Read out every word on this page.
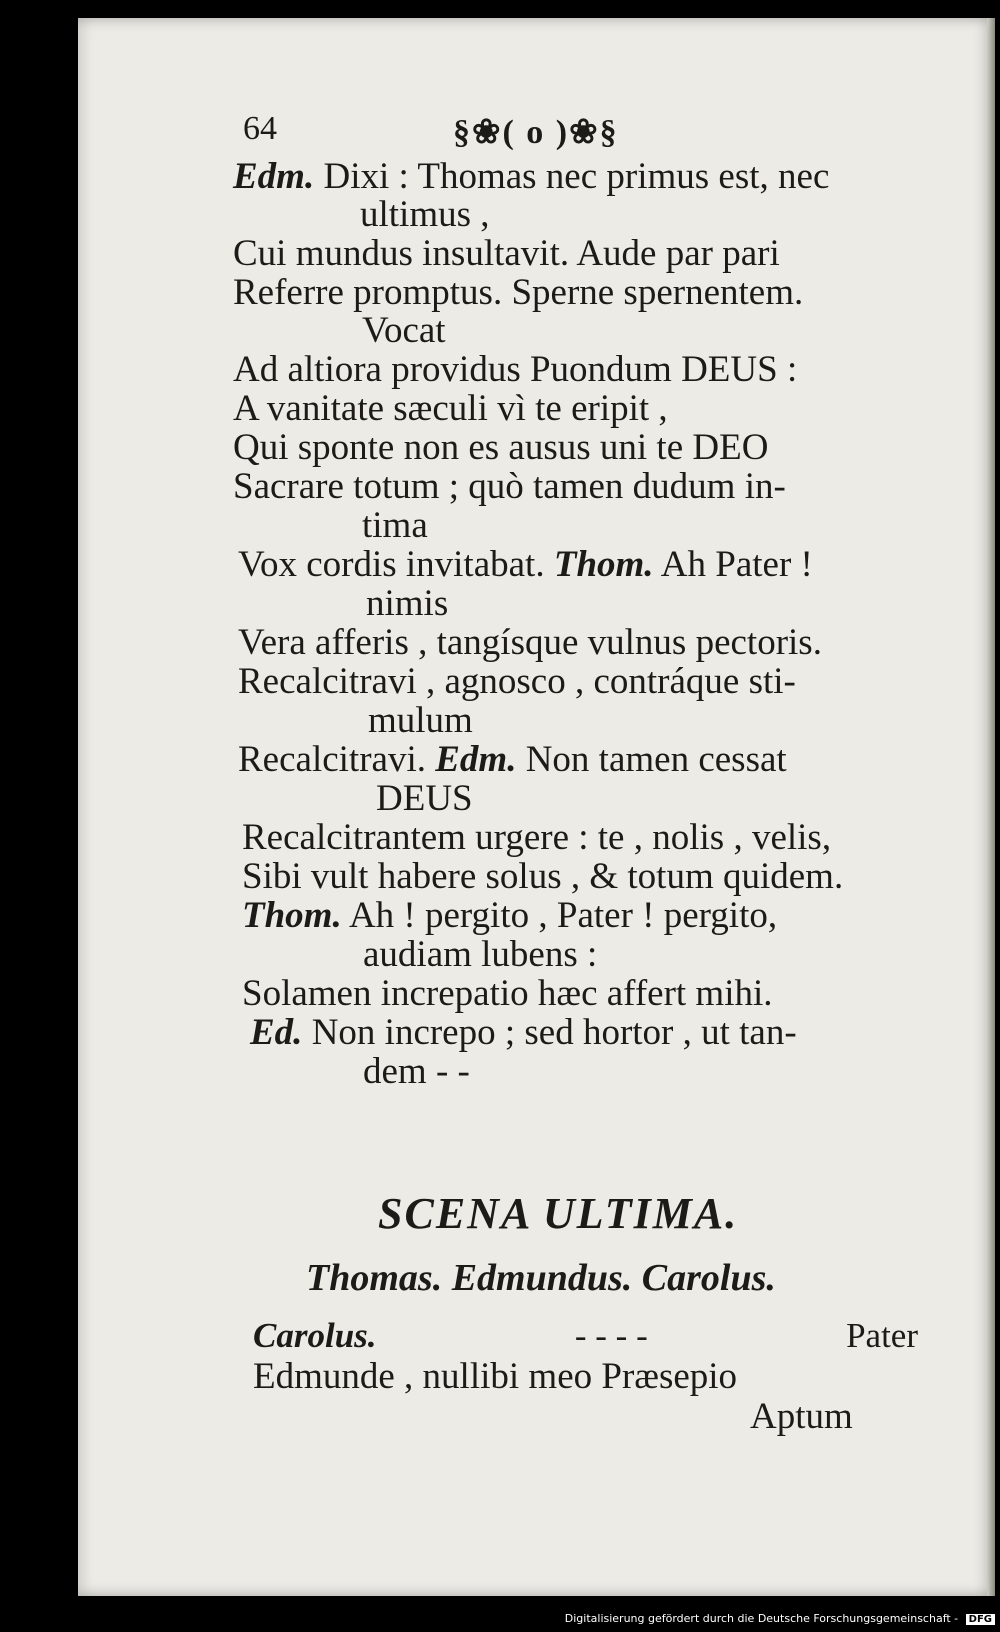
64	§❀( o )❀§
Edm. Dixi : Thomas nec primus est, nec
ultimus ,
Cui mundus insultavit. Aude par pari
Referre promptus. Sperne spernentem.
Vocat
Ad altiora providus Puondum DEUS :
A vanitate sæculi vì te eripit ,
Qui sponte non es ausus uni te DEO
Sacrare totum ; quò tamen dudum in-
tima
Vox cordis invitabat. Thom. Ah Pater !
nimis
Vera afferis , tangísque vulnus pectoris.
Recalcitravi , agnosco , contráque sti-
mulum
Recalcitravi. Edm. Non tamen cessat
DEUS
Recalcitrantem urgere : te , nolis , velis,
Sibi vult habere solus , & totum quidem.
Thom. Ah ! pergito , Pater ! pergito,
audiam lubens :
Solamen increpatio hæc affert mihi.
Ed. Non increpo ; sed hortor , ut tan-
dem - -
SCENA ULTIMA.
Thomas. Edmundus. Carolus.
Carolus.	- - - -	Pater
Edmunde , nullibi meo Præsepio
Aptum
Digitalisierung gefördert durch die Deutsche Forschungsgemeinschaft - DFG
